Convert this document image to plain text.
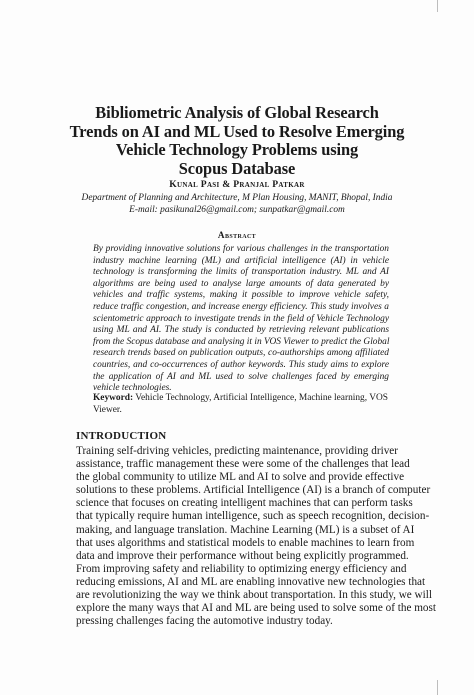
Bibliometric Analysis of Global Research
Trends on AI and ML Used to Resolve Emerging
Vehicle Technology Problems using
Scopus Database
Kunal Pasi & Pranjal Patkar
Department of Planning and Architecture, M Plan Housing, MANIT, Bhopal, India
E-mail: pasikunal26@gmail.com; sunpatkar@gmail.com
Abstract
By providing innovative solutions for various challenges in the transportation
industry machine learning (ML) and artificial intelligence (AI) in vehicle
technology is transforming the limits of transportation industry. ML and AI
algorithms are being used to analyse large amounts of data generated by
vehicles and traffic systems, making it possible to improve vehicle safety,
reduce traffic congestion, and increase energy efficiency. This study involves a
scientometric approach to investigate trends in the field of Vehicle Technology
using ML and AI. The study is conducted by retrieving relevant publications
from the Scopus database and analysing it in VOS Viewer to predict the Global
research trends based on publication outputs, co-authorships among affiliated
countries, and co-occurrences of author keywords. This study aims to explore
the application of AI and ML used to solve challenges faced by emerging
vehicle technologies.
Keyword: Vehicle Technology, Artificial Intelligence, Machine learning, VOS
Viewer.
INTRODUCTION
Training self-driving vehicles, predicting maintenance, providing driver
assistance, traffic management these were some of the challenges that lead
the global community to utilize ML and AI to solve and provide effective
solutions to these problems. Artificial Intelligence (AI) is a branch of computer
science that focuses on creating intelligent machines that can perform tasks
that typically require human intelligence, such as speech recognition, decision-
making, and language translation. Machine Learning (ML) is a subset of AI
that uses algorithms and statistical models to enable machines to learn from
data and improve their performance without being explicitly programmed.
From improving safety and reliability to optimizing energy efficiency and
reducing emissions, AI and ML are enabling innovative new technologies that
are revolutionizing the way we think about transportation. In this study, we will
explore the many ways that AI and ML are being used to solve some of the most
pressing challenges facing the automotive industry today.
